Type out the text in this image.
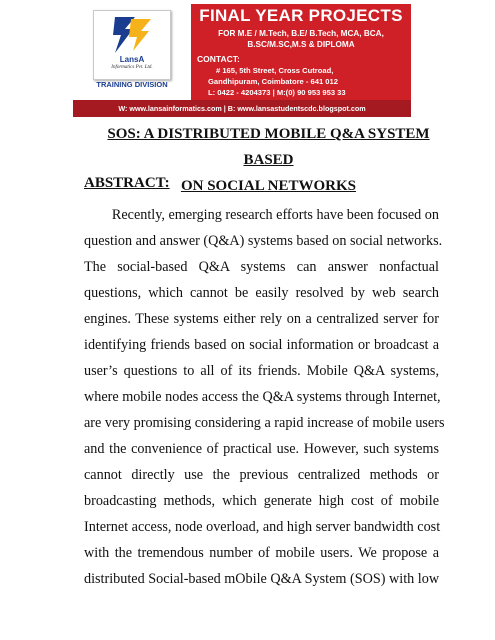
LansA
Informatics Pvt. Ltd.
TRAINING DIVISION
FINAL YEAR PROJECTS
FOR M.E / M.Tech, B.E/ B.Tech, MCA, BCA,
B.SC/M.SC,M.S & DIPLOMA
CONTACT:
# 165, 5th Street, Cross Cutroad,
Gandhipuram, Coimbatore - 641 012
L: 0422 - 4204373 | M:(0) 90 953 953 33
W: www.lansainformatics.com | B: www.lansastudentscdc.blogspot.com
SOS: A DISTRIBUTED MOBILE Q&A SYSTEM BASED
ON SOCIAL NETWORKS
ABSTRACT:
Recently, emerging research efforts have been focused on
question and answer (Q&A) systems based on social networks.
The social-based Q&A systems can answer nonfactual
questions, which cannot be easily resolved by web search
engines. These systems either rely on a centralized server for
identifying friends based on social information or broadcast a
user’s questions to all of its friends. Mobile Q&A systems,
where mobile nodes access the Q&A systems through Internet,
are very promising considering a rapid increase of mobile users
and the convenience of practical use. However, such systems
cannot directly use the previous centralized methods or
broadcasting methods, which generate high cost of mobile
Internet access, node overload, and high server bandwidth cost
with the tremendous number of mobile users. We propose a
distributed Social-based mObile Q&A System (SOS) with low
